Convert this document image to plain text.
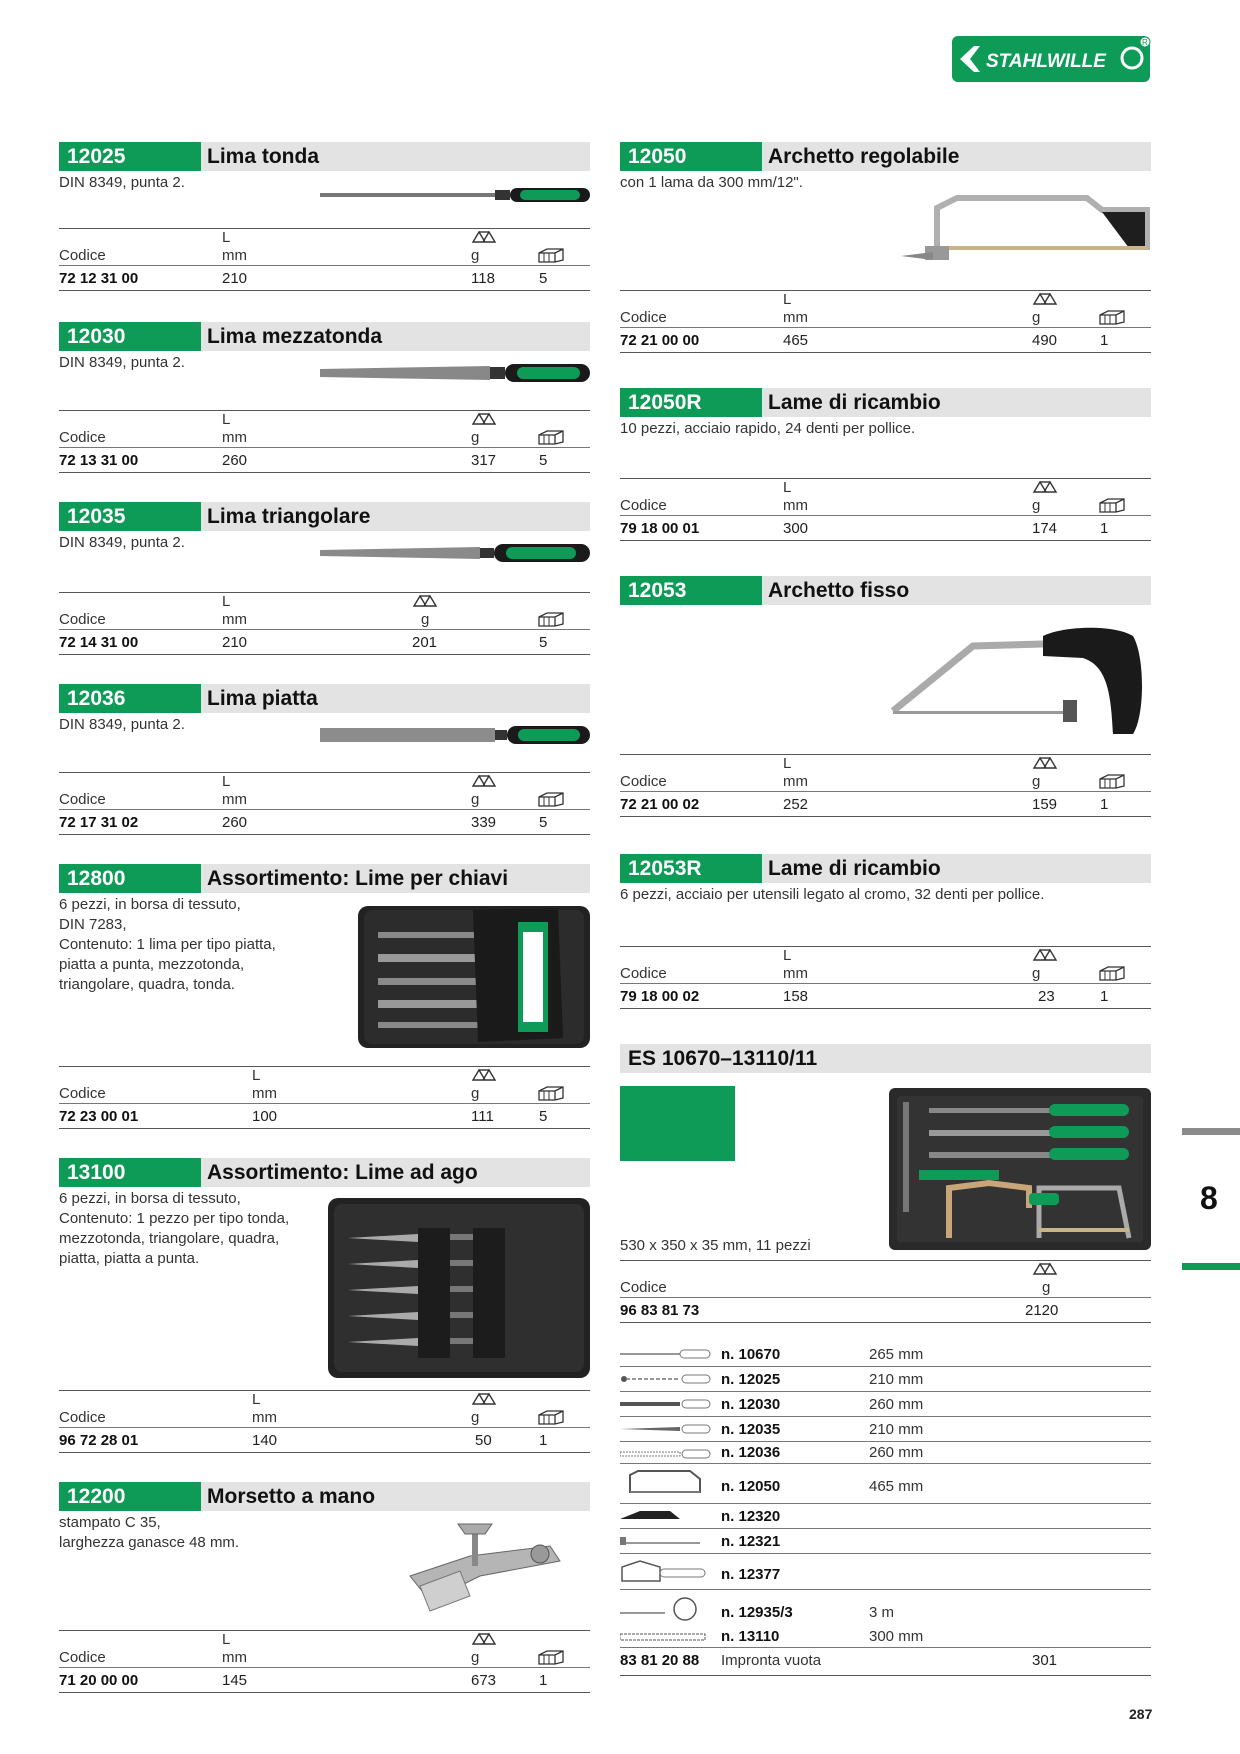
STAHLWILLE
R
12025	Lima tonda
DIN 8349, punta 2.
L
Codice	mm	g
72 12 31 00	210	118	5
12030	Lima mezzatonda
DIN 8349, punta 2.
L
Codice	mm	g
72 13 31 00	260	317	5
12035	Lima triangolare
DIN 8349, punta 2.
L
Codice	mm	g
72 14 31 00	210	201	5
12036	Lima piatta
DIN 8349, punta 2.
L
Codice	mm	g
72 17 31 02	260	339	5
12800	Assortimento: Lime per chiavi
6 pezzi, in borsa di tessuto,
DIN 7283,
Contenuto: 1 lima per tipo piatta,
piatta a punta, mezzotonda,
triangolare, quadra, tonda.
L
Codice	mm	g
72 23 00 01	100	111	5
13100	Assortimento: Lime ad ago
6 pezzi, in borsa di tessuto,
Contenuto: 1 pezzo per tipo tonda,
mezzotonda, triangolare, quadra,
piatta, piatta a punta.
L
Codice	mm	g
96 72 28 01	140	50	1
12200	Morsetto a mano
stampato C 35,
larghezza ganasce 48 mm.
L
Codice	mm	g
71 20 00 00	145	673	1
12050	Archetto regolabile
con 1 lama da 300 mm/12".
L
Codice	mm	g
72 21 00 00	465	490	1
12050R	Lame di ricambio
10 pezzi, acciaio rapido, 24 denti per pollice.
L
Codice	mm	g
79 18 00 01	300	174	1
12053	Archetto fisso
L
Codice	mm	g
72 21 00 02	252	159	1
12053R	Lame di ricambio
6 pezzi, acciaio per utensili legato al cromo, 32 denti per pollice.
L
Codice	mm	g
79 18 00 02	158	23	1
ES 10670–13110/11
530 x 350 x 35 mm, 11 pezzi
Codice	g
96 83 81 73	2120
n. 10670	265 mm
n. 12025	210 mm
n. 12030	260 mm
n. 12035	210 mm
n. 12036	260 mm
n. 12050	465 mm
n. 12320
n. 12321
n. 12377
n. 12935/3	3 m
n. 13110	300 mm
83 81 20 88 Impronta vuota	301
8
287
